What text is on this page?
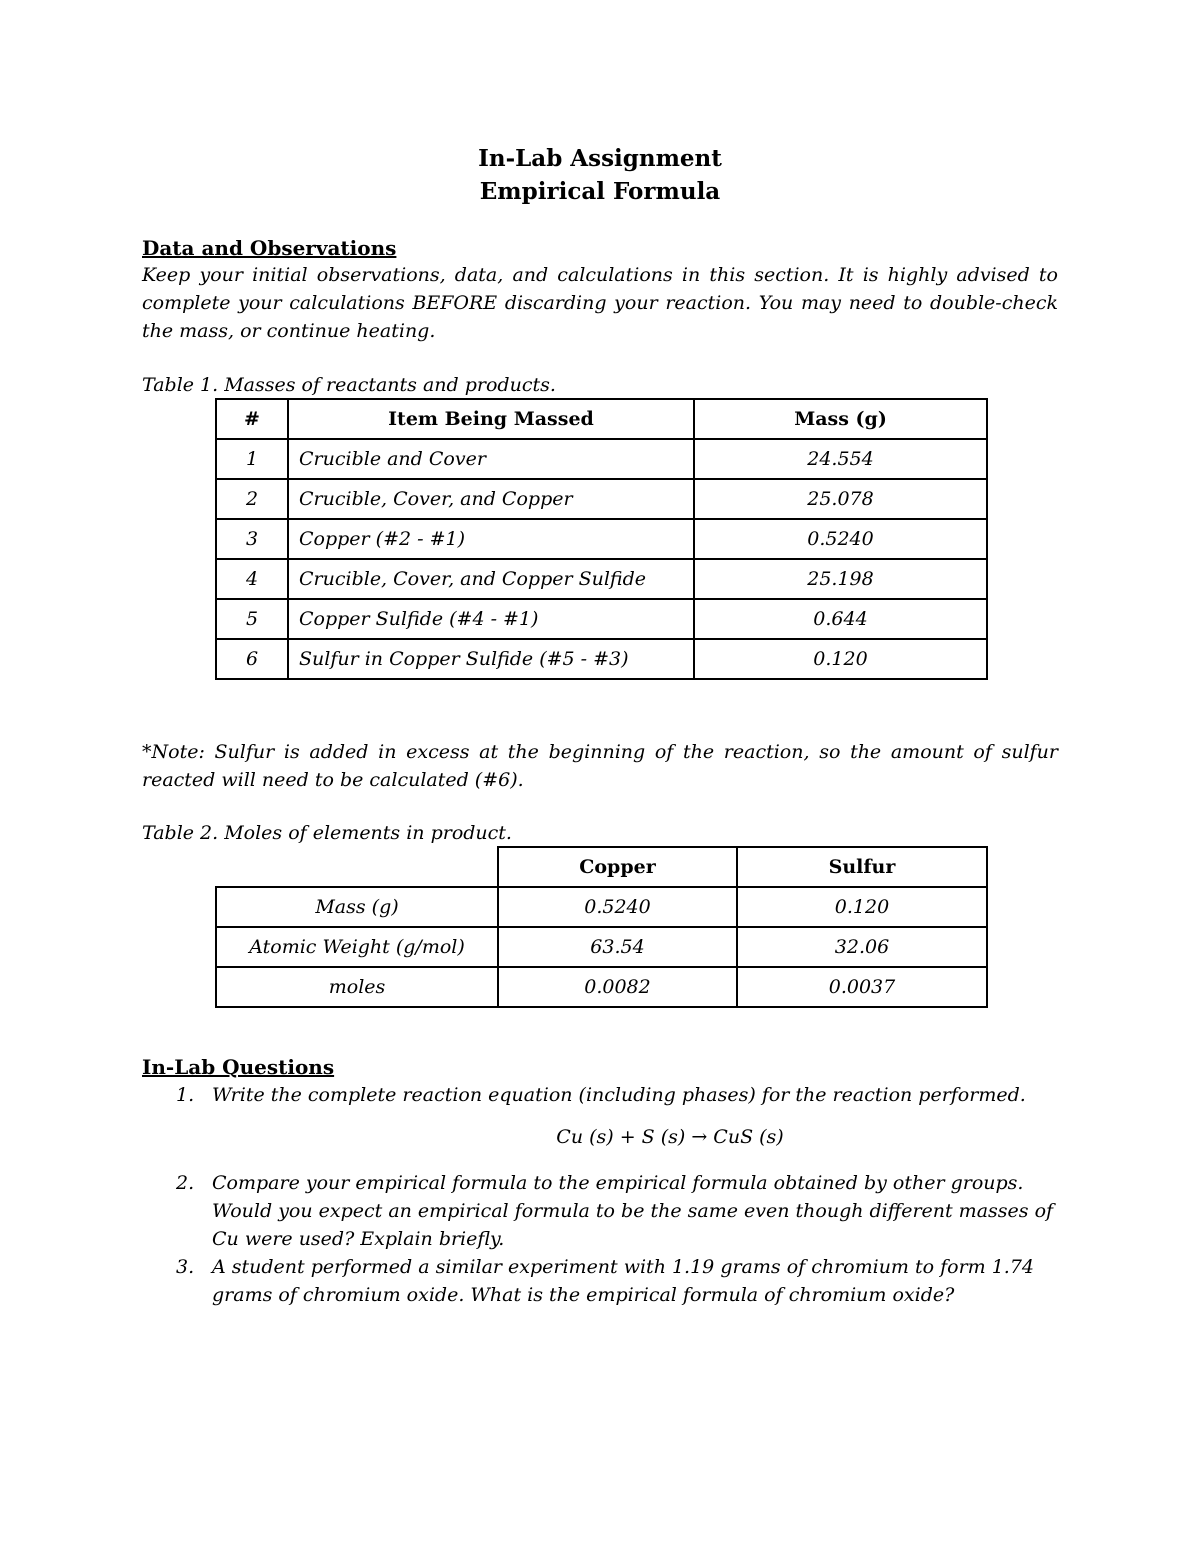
In-Lab Assignment
Empirical Formula
Data and Observations
Keep your initial observations, data, and calculations in this section. It is highly advised to complete your calculations BEFORE discarding your reaction. You may need to double-check the mass, or continue heating.
Table 1. Masses of reactants and products.
#	Item Being Massed	Mass (g)
1	Crucible and Cover	24.554
2	Crucible, Cover, and Copper	25.078
3	Copper (#2 - #1)	0.5240
4	Crucible, Cover, and Copper Sulfide	25.198
5	Copper Sulfide (#4 - #1)	0.644
6	Sulfur in Copper Sulfide (#5 - #3)	0.120
*Note: Sulfur is added in excess at the beginning of the reaction, so the amount of sulfur reacted will need to be calculated (#6).
Table 2. Moles of elements in product.
	Copper	Sulfur
Mass (g)	0.5240	0.120
Atomic Weight (g/mol)	63.54	32.06
moles	0.0082	0.0037
In-Lab Questions
1. Write the complete reaction equation (including phases) for the reaction performed.
Cu (s) + S (s) → CuS (s)
2. Compare your empirical formula to the empirical formula obtained by other groups. Would you expect an empirical formula to be the same even though different masses of Cu were used? Explain briefly.
3. A student performed a similar experiment with 1.19 grams of chromium to form 1.74 grams of chromium oxide. What is the empirical formula of chromium oxide?
